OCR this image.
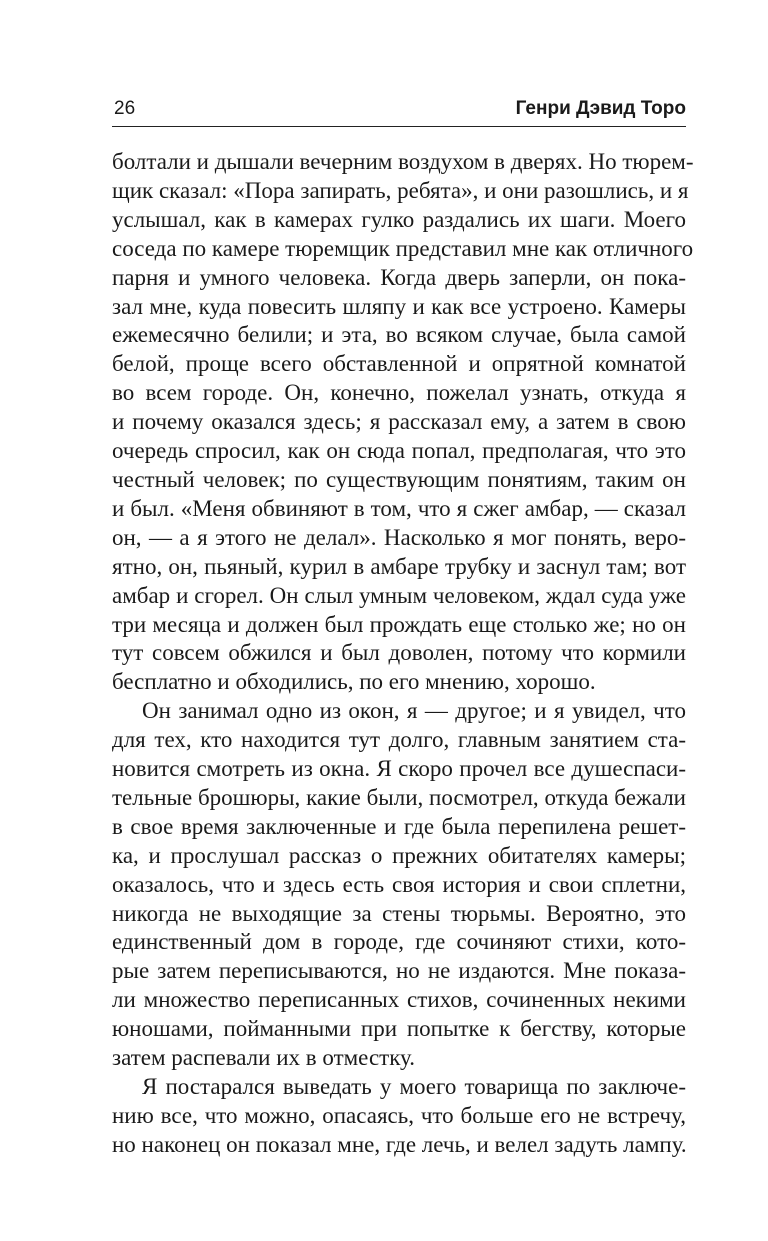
26	Генри Дэвид Торо
болтали и дышали вечерним воздухом в дверях. Но тюрем-
щик сказал: «Пора запирать, ребята», и они разошлись, и я
услышал, как в камерах гулко раздались их шаги. Моего
соседа по камере тюремщик представил мне как отличного
парня и умного человека. Когда дверь заперли, он пока-
зал мне, куда повесить шляпу и как все устроено. Камеры
ежемесячно белили; и эта, во всяком случае, была самой
белой, проще всего обставленной и опрятной комнатой
во всем городе. Он, конечно, пожелал узнать, откуда я
и почему оказался здесь; я рассказал ему, а затем в свою
очередь спросил, как он сюда попал, предполагая, что это
честный человек; по существующим понятиям, таким он
и был. «Меня обвиняют в том, что я сжег амбар, — сказал
он, — а я этого не делал». Насколько я мог понять, веро-
ятно, он, пьяный, курил в амбаре трубку и заснул там; вот
амбар и сгорел. Он слыл умным человеком, ждал суда уже
три месяца и должен был прождать еще столько же; но он
тут совсем обжился и был доволен, потому что кормили
бесплатно и обходились, по его мнению, хорошо.
Он занимал одно из окон, я — другое; и я увидел, что
для тех, кто находится тут долго, главным занятием ста-
новится смотреть из окна. Я скоро прочел все душеспаси-
тельные брошюры, какие были, посмотрел, откуда бежали
в свое время заключенные и где была перепилена решет-
ка, и прослушал рассказ о прежних обитателях камеры;
оказалось, что и здесь есть своя история и свои сплетни,
никогда не выходящие за стены тюрьмы. Вероятно, это
единственный дом в городе, где сочиняют стихи, кото-
рые затем переписываются, но не издаются. Мне показа-
ли множество переписанных стихов, сочиненных некими
юношами, пойманными при попытке к бегству, которые
затем распевали их в отместку.
Я постарался выведать у моего товарища по заключе-
нию все, что можно, опасаясь, что больше его не встречу,
но наконец он показал мне, где лечь, и велел задуть лампу.
